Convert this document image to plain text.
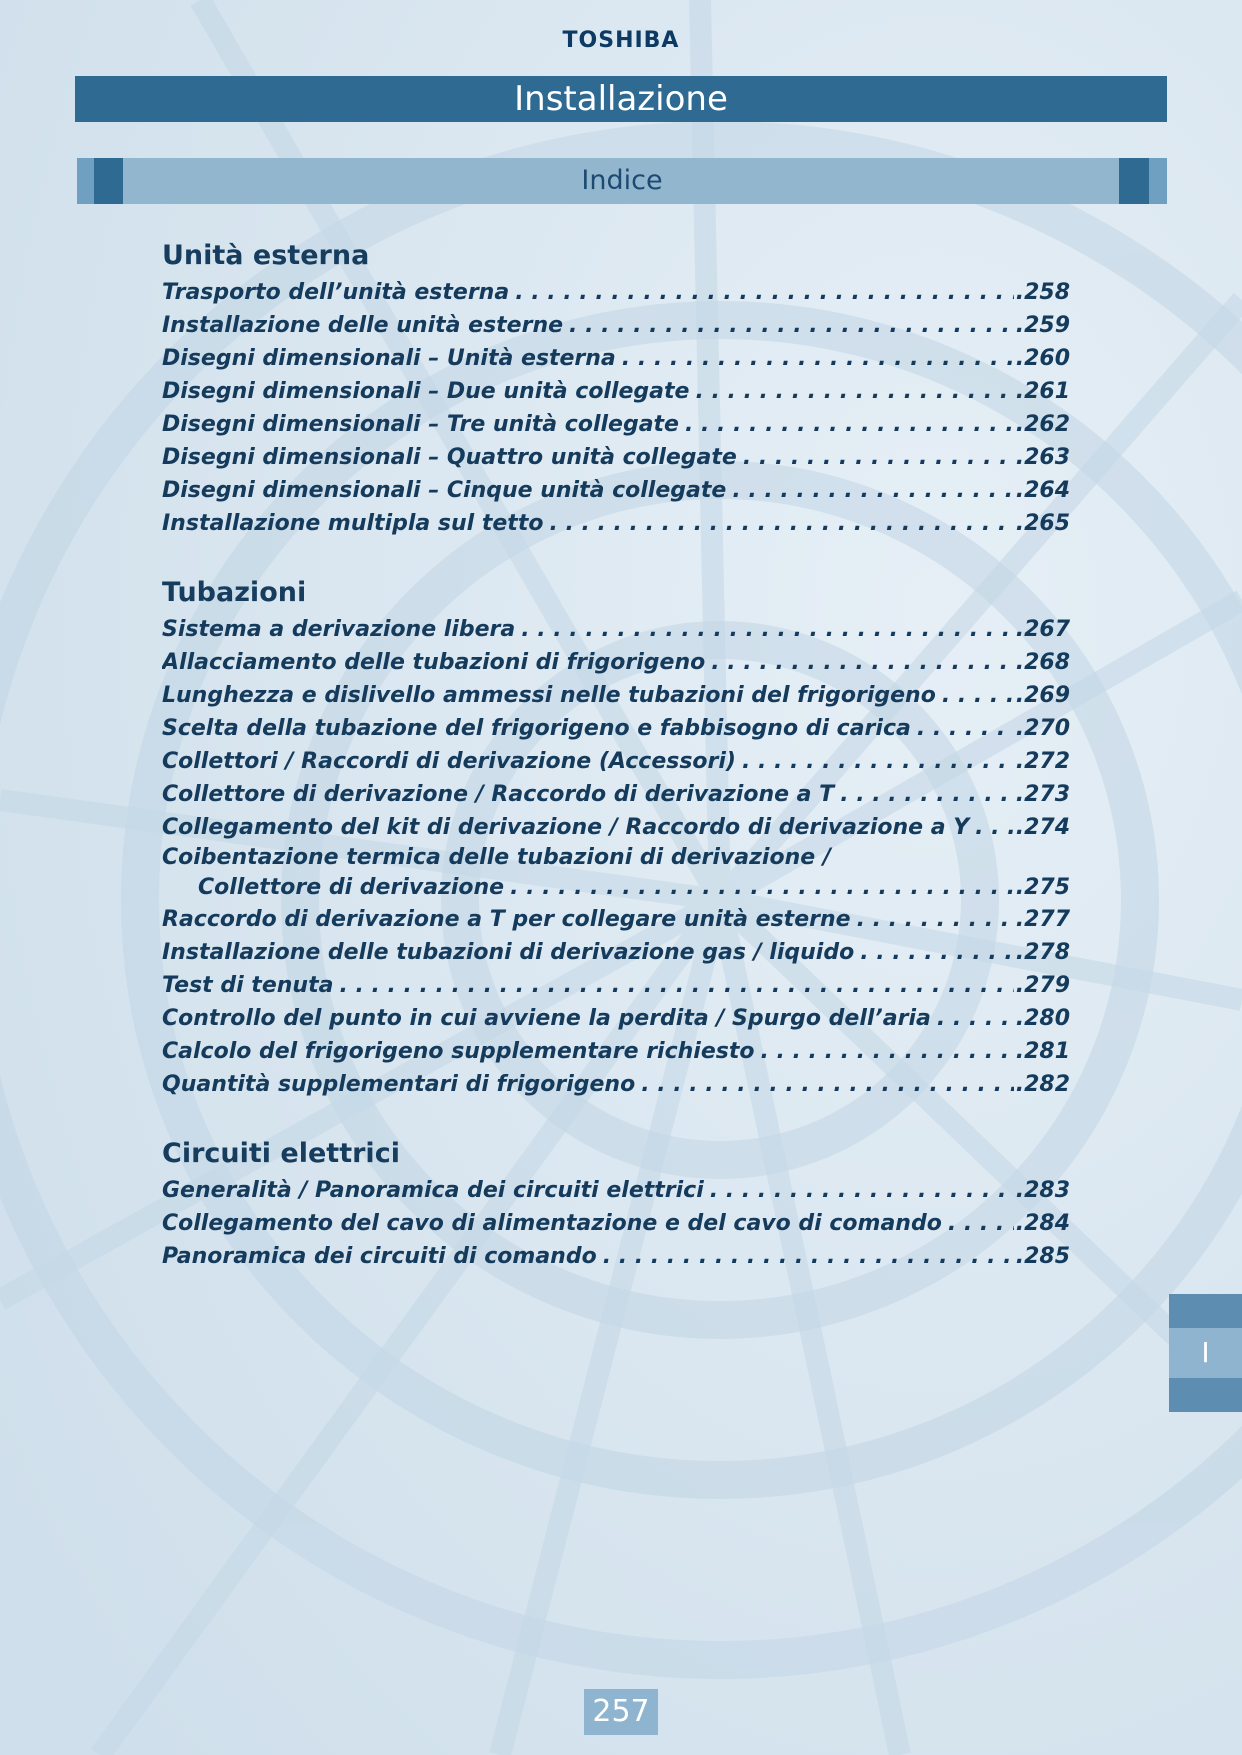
TOSHIBA
Installazione
Indice
Unità esterna
Trasporto dell’unità esterna . . .	.258
Installazione delle unità esterne . . .	.259
Disegni dimensionali – Unità esterna . . .	.260
Disegni dimensionali – Due unità collegate . . .	.261
Disegni dimensionali – Tre unità collegate . . .	.262
Disegni dimensionali – Quattro unità collegate . . .	.263
Disegni dimensionali – Cinque unità collegate . . .	.264
Installazione multipla sul tetto . . .	.265
Tubazioni
Sistema a derivazione libera . . .	.267
Allacciamento delle tubazioni di frigorigeno . . .	.268
Lunghezza e dislivello ammessi nelle tubazioni del frigorigeno . . .	.269
Scelta della tubazione del frigorigeno e fabbisogno di carica . . .	.270
Collettori / Raccordi di derivazione (Accessori) . . .	.272
Collettore di derivazione / Raccordo di derivazione a T . . .	.273
Collegamento del kit di derivazione / Raccordo di derivazione a Y . . . .274
Coibentazione termica delle tubazioni di derivazione /
Collettore di derivazione . . .	.275
Raccordo di derivazione a T per collegare unità esterne . . .	.277
Installazione delle tubazioni di derivazione gas / liquido . . .	.278
Test di tenuta . . .	.279
Controllo del punto in cui avviene la perdita / Spurgo dell’aria . . .	.280
Calcolo del frigorigeno supplementare richiesto . . .	.281
Quantità supplementari di frigorigeno . . .	.282
Circuiti elettrici
Generalità / Panoramica dei circuiti elettrici . . .	.283
Collegamento del cavo di alimentazione e del cavo di comando . . .	.284
Panoramica dei circuiti di comando . . .	.285
I
257
